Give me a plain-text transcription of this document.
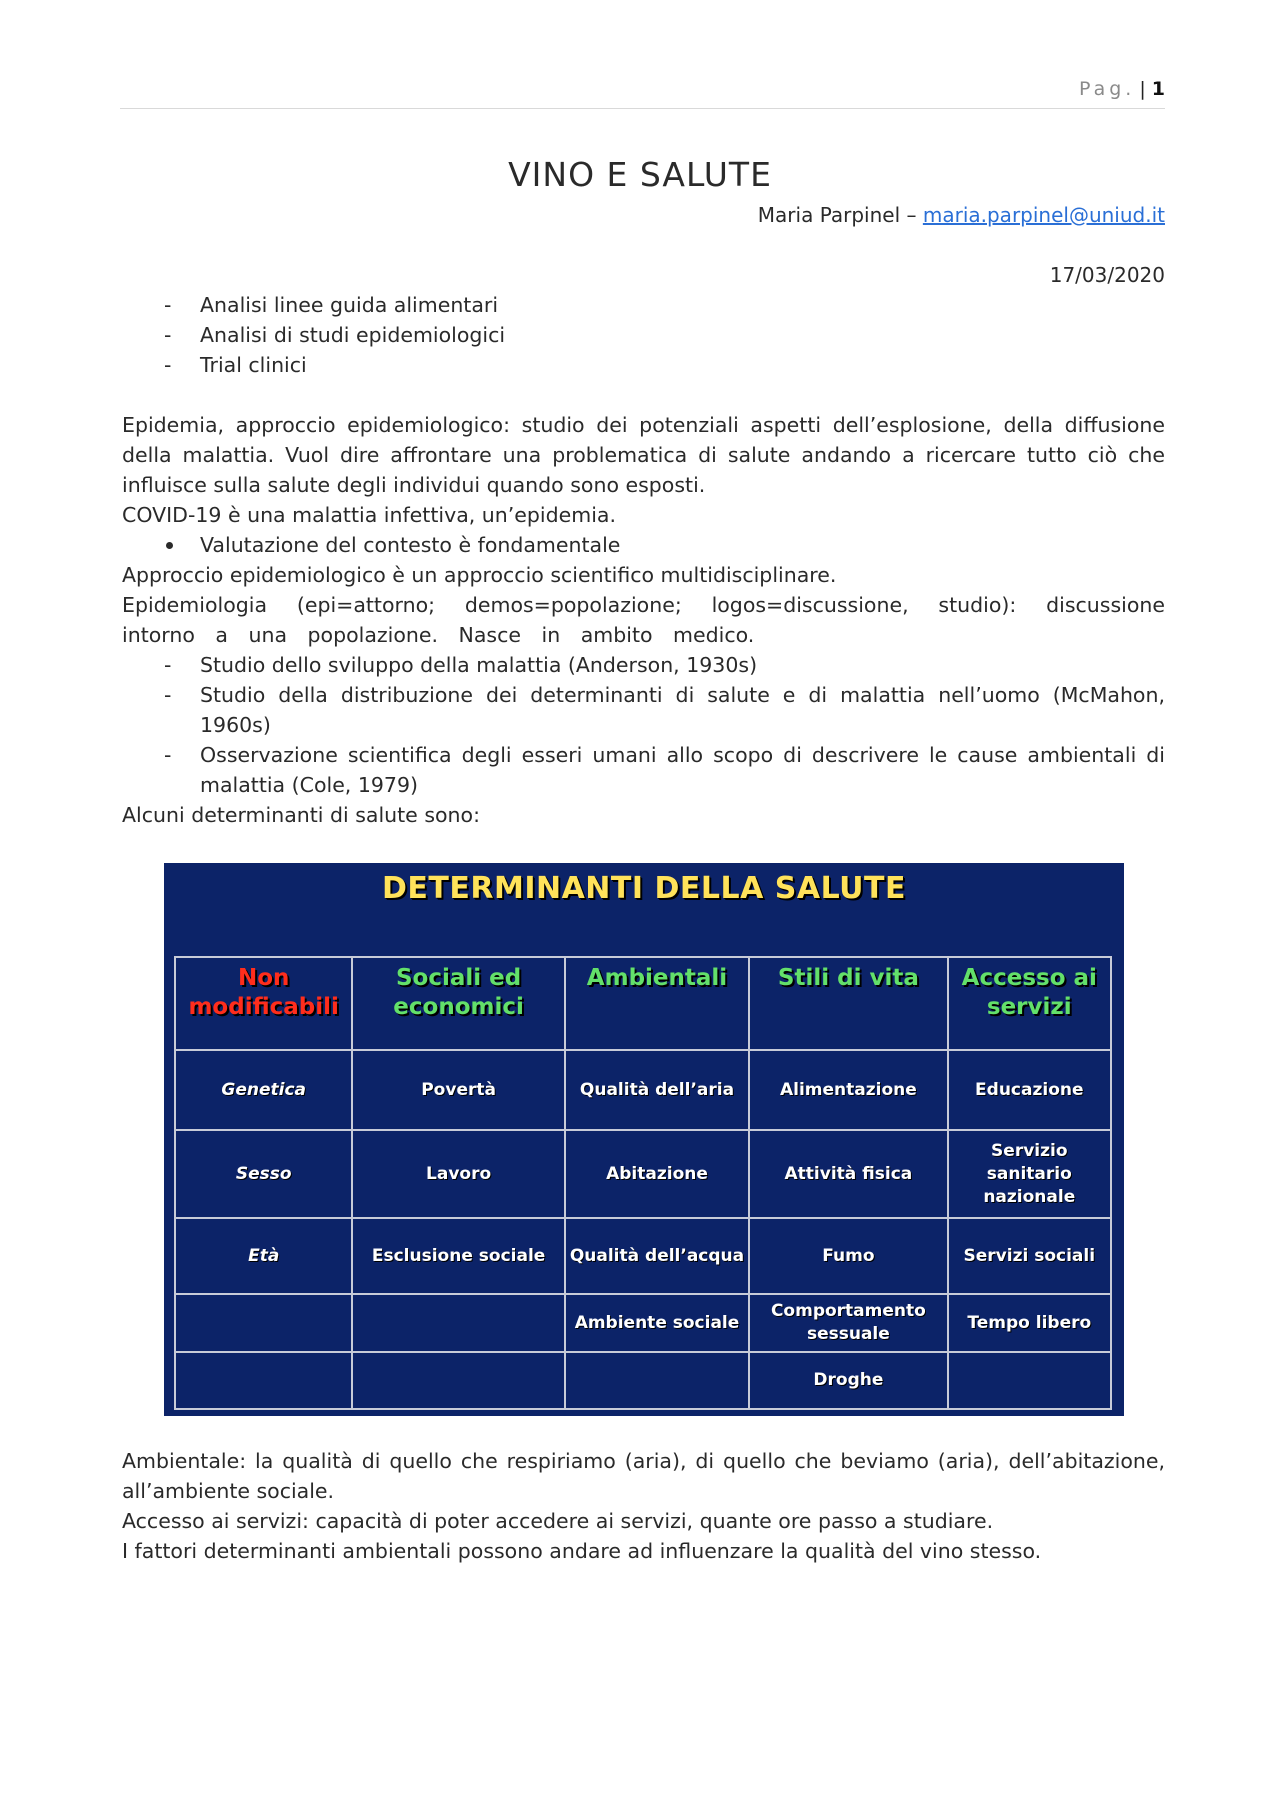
Pag. | 1
VINO E SALUTE
Maria Parpinel – maria.parpinel@uniud.it
17/03/2020
- Analisi linee guida alimentari
- Analisi di studi epidemiologici
- Trial clinici

Epidemia, approccio epidemiologico: studio dei potenziali aspetti dell’esplosione, della diffusione della malattia. Vuol dire affrontare una problematica di salute andando a ricercare tutto ciò che influisce sulla salute degli individui quando sono esposti.

COVID-19 è una malattia infettiva, un’epidemia.

Valutazione del contesto è fondamentale

Approccio epidemiologico è un approccio scientifico multidisciplinare.

Epidemiologia (epi=attorno; demos=popolazione; logos=discussione, studio): discussione intorno a una popolazione. Nasce in ambito medico.

- Studio dello sviluppo della malattia (Anderson, 1930s)
- Studio della distribuzione dei determinanti di salute e di malattia nell’uomo (McMahon, 1960s)
- Osservazione scientifica degli esseri umani allo scopo di descrivere le cause ambientali di malattia (Cole, 1979)

Alcuni determinanti di salute sono:

DETERMINANTI DELLA SALUTE
Non modificabili	Sociali ed economici	Ambientali	Stili di vita	Accesso ai servizi
Genetica	Povertà	Qualità dell’aria	Alimentazione	Educazione
Sesso	Lavoro	Abitazione	Attività fisica	Servizio sanitario nazionale
Età	Esclusione sociale	Qualità dell’acqua	Fumo	Servizi sociali
		Ambiente sociale	Comportamento sessuale	Tempo libero
			Droghe	

Ambientale: la qualità di quello che respiriamo (aria), di quello che beviamo (aria), dell’abitazione, all’ambiente sociale.

Accesso ai servizi: capacità di poter accedere ai servizi, quante ore passo a studiare.

I fattori determinanti ambientali possono andare ad influenzare la qualità del vino stesso.
